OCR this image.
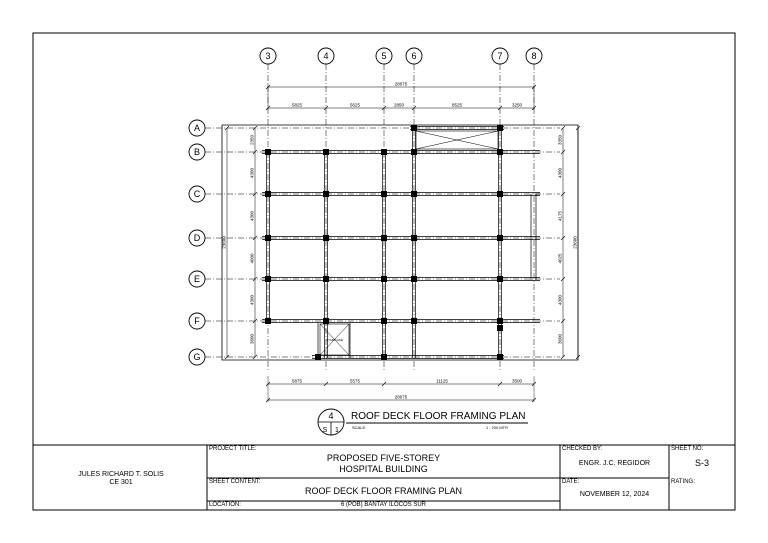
3	4	5	6	7	8
A
B
C
D
E
F
G
STAIRCASE
5825	5625	2850	8525	3250
28075
5875	5575	11125	3500
28075
2350
4300
4300
4000
4300
3600
23600
3350
4300
4175
4025
4300
3600
23600
4
S 1
ROOF DECK FLOOR FRAMING PLAN
SCALE:	1 : 200 MTR
JULES RICHARD T. SOLIS
CE 301
PROJECT TITLE:
PROPOSED FIVE-STOREY
HOSPITAL BUILDING
SHEET CONTENT:
ROOF DECK FLOOR FRAMING PLAN
LOCATION:	6 (POB) BANTAY ILOCOS SUR
CHECKED BY:
ENGR. J.C. REGIDOR
DATE:
NOVEMBER 12, 2024
SHEET NO:
S-3
RATING:
